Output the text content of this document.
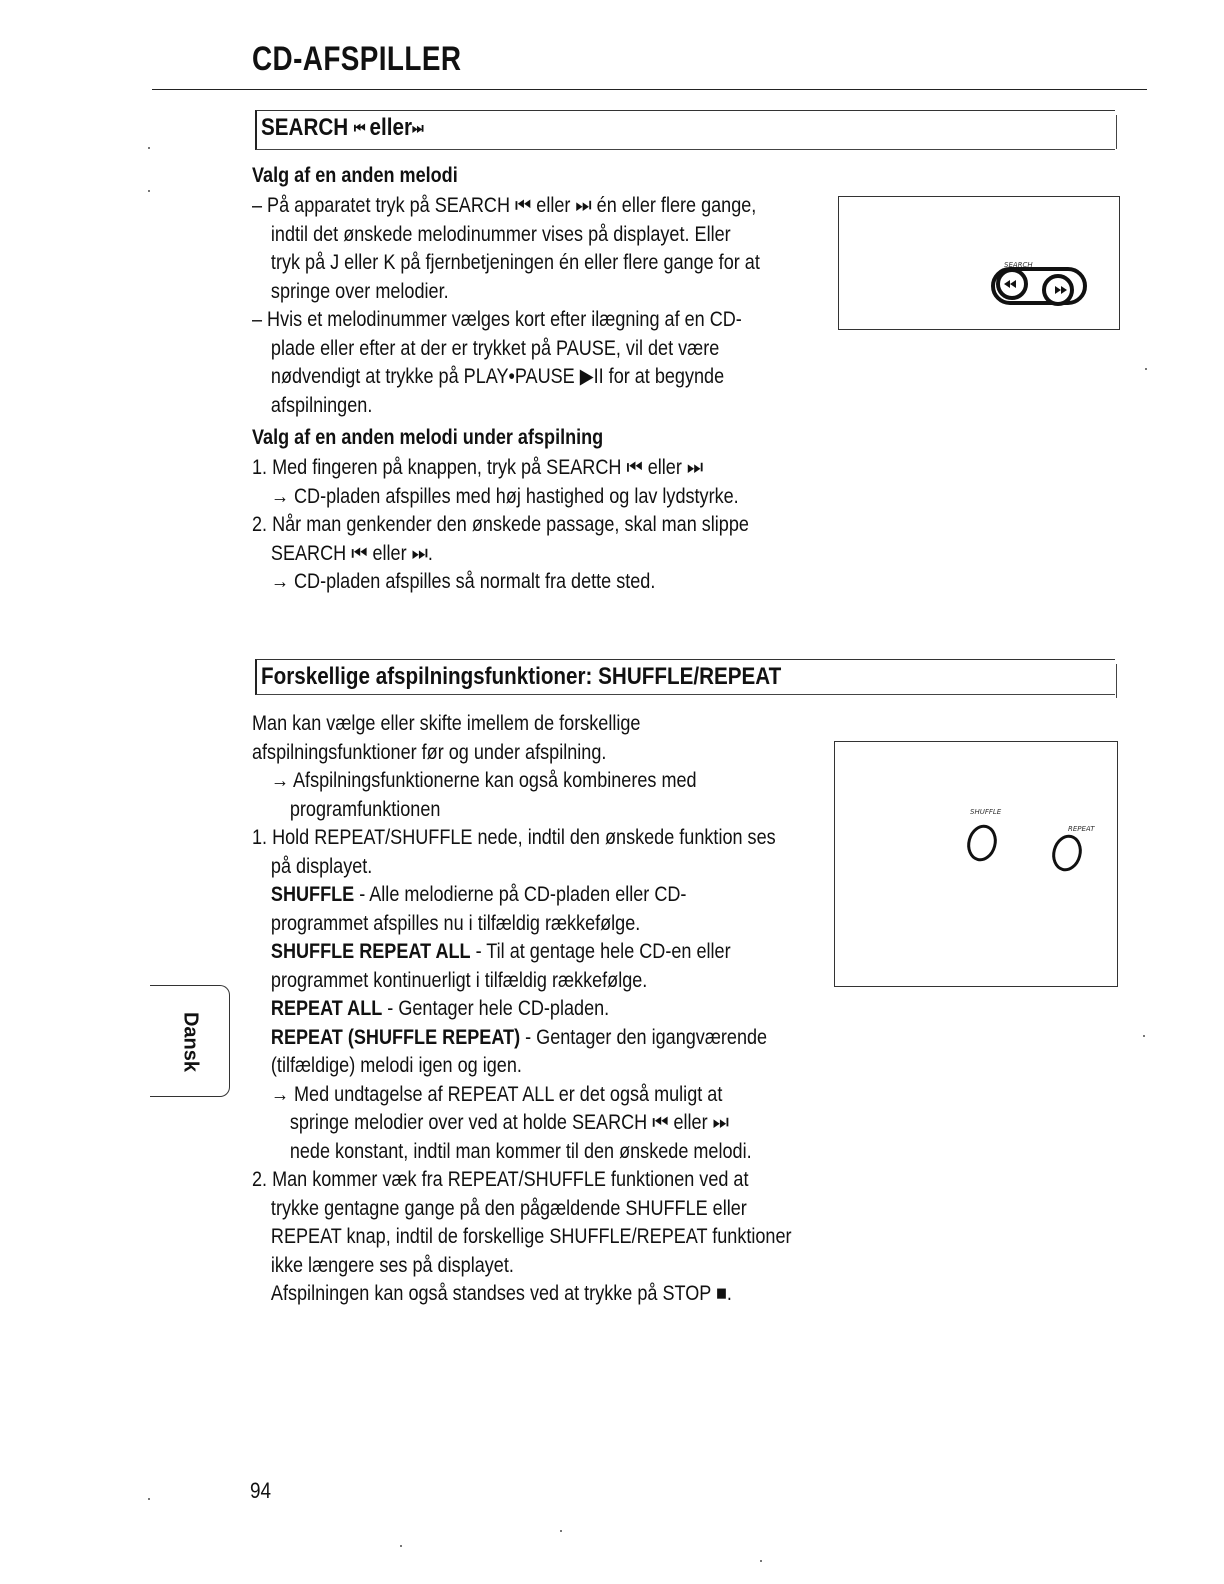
CD-AFSPILLER
SEARCH ⏮ eller⏭
Valg af en anden melodi

– På apparatet tryk på SEARCH ⏮ eller ⏭ én eller flere gange,

indtil det ønskede melodinummer vises på displayet. Eller

tryk på J eller K på fjernbetjeningen én eller flere gange for at

springe over melodier.

– Hvis et melodinummer vælges kort efter ilægning af en CD-

plade eller efter at der er trykket på PAUSE, vil det være

nødvendigt at trykke på PLAY•PAUSE ▶II for at begynde

afspilningen.

Valg af en anden melodi under afspilning

1. Med fingeren på knappen, tryk på SEARCH ⏮ eller ⏭

→ CD-pladen afspilles med høj hastighed og lav lydstyrke.

2. Når man genkender den ønskede passage, skal man slippe

SEARCH ⏮ eller ⏭.

→ CD-pladen afspilles så normalt fra dette sted.

SEARCH
Forskellige afspilningsfunktioner: SHUFFLE/REPEAT

Man kan vælge eller skifte imellem de forskellige

afspilningsfunktioner før og under afspilning.

→ Afspilningsfunktionerne kan også kombineres med

programfunktionen

1. Hold REPEAT/SHUFFLE nede, indtil den ønskede funktion ses

på displayet.

SHUFFLE - Alle melodierne på CD-pladen eller CD-

programmet afspilles nu i tilfældig rækkefølge.

SHUFFLE REPEAT ALL - Til at gentage hele CD-en eller

programmet kontinuerligt i tilfældig rækkefølge.

REPEAT ALL - Gentager hele CD-pladen.

REPEAT (SHUFFLE REPEAT) - Gentager den igangværende

(tilfældige) melodi igen og igen.

→ Med undtagelse af REPEAT ALL er det også muligt at

springe melodier over ved at holde SEARCH ⏮ eller ⏭

nede konstant, indtil man kommer til den ønskede melodi.

2. Man kommer væk fra REPEAT/SHUFFLE funktionen ved at

trykke gentagne gange på den pågældende SHUFFLE eller

REPEAT knap, indtil de forskellige SHUFFLE/REPEAT funktioner

ikke længere ses på displayet.

Afspilningen kan også standses ved at trykke på STOP ■.

SHUFFLE
REPEAT
Dansk
94
